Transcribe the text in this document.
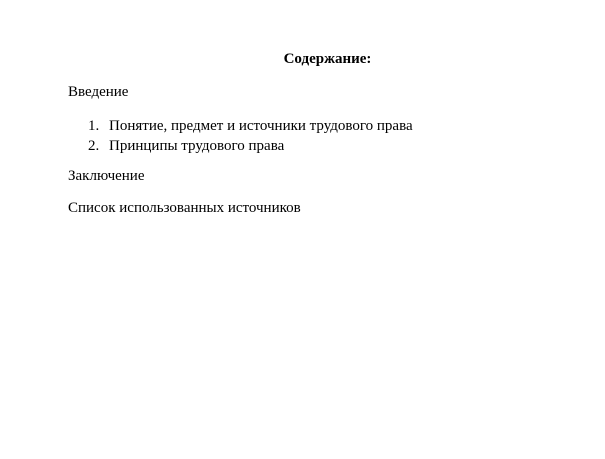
Содержание:
Введение
1. Понятие, предмет и источники трудового права
2. Принципы трудового права
Заключение
Список использованных источников
